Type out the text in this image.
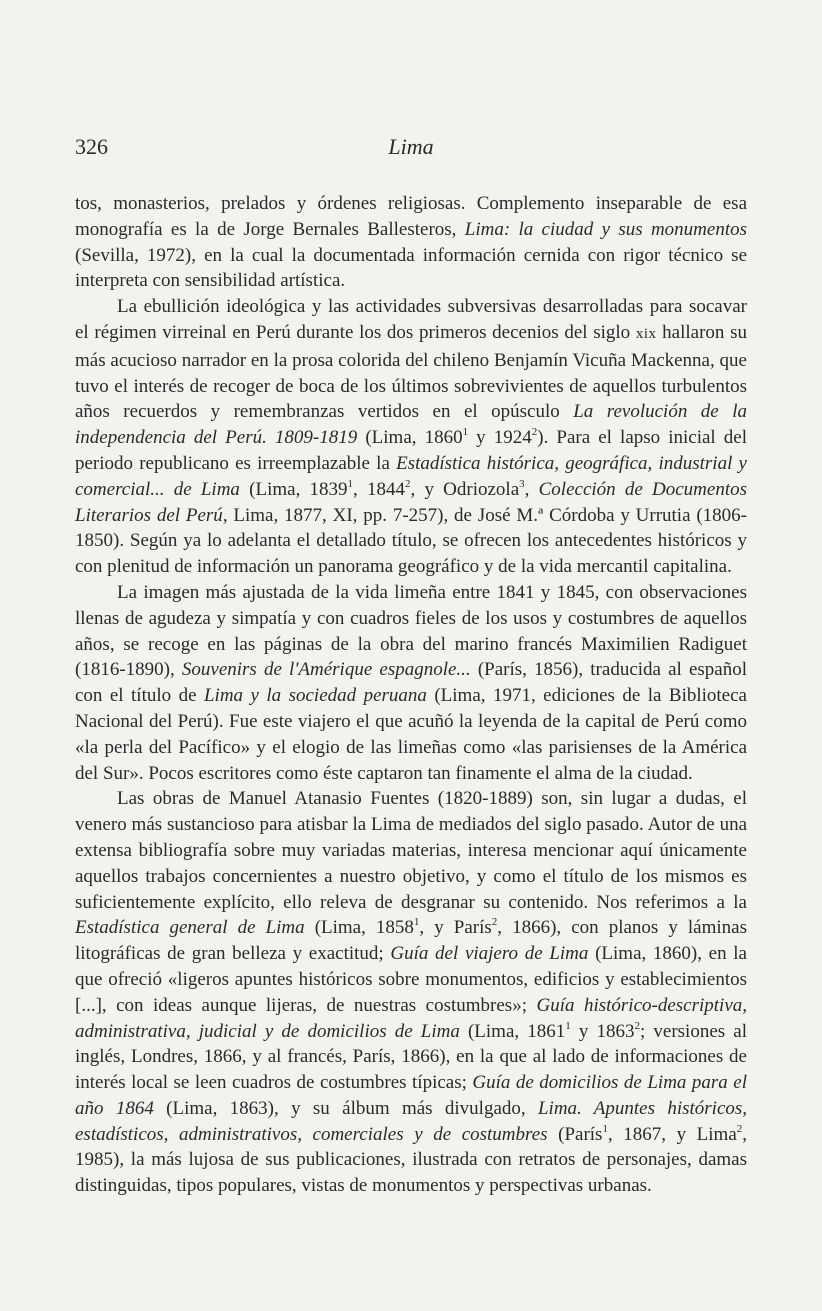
326	Lima

tos, monasterios, prelados y órdenes religiosas. Complemento inseparable de esa monografía es la de Jorge Bernales Ballesteros, Lima: la ciudad y sus monumentos (Sevilla, 1972), en la cual la documentada información cernida con rigor técnico se interpreta con sensibilidad artística.

La ebullición ideológica y las actividades subversivas desarrolladas para socavar el régimen virreinal en Perú durante los dos primeros decenios del siglo xix hallaron su más acucioso narrador en la prosa colorida del chileno Benjamín Vicuña Mackenna, que tuvo el interés de recoger de boca de los últimos sobrevivientes de aquellos turbulentos años recuerdos y remembranzas vertidos en el opúsculo La revolución de la independencia del Perú. 1809-1819 (Lima, 1860$^1$ y 1924$^2$). Para el lapso inicial del periodo republicano es irreemplazable la Estadística histórica, geográfica, industrial y comercial... de Lima (Lima, 1839$^1$, 1844$^2$, y Odriozola$^3$, Colección de Documentos Literarios del Perú, Lima, 1877, XI, pp. 7-257), de José M.ª Córdoba y Urrutia (1806-1850). Según ya lo adelanta el detallado título, se ofrecen los antecedentes históricos y con plenitud de información un panorama geográfico y de la vida mercantil capitalina.

La imagen más ajustada de la vida limeña entre 1841 y 1845, con observaciones llenas de agudeza y simpatía y con cuadros fieles de los usos y costumbres de aquellos años, se recoge en las páginas de la obra del marino francés Maximilien Radiguet (1816-1890), Souvenirs de l'Amérique espagnole... (París, 1856), traducida al español con el título de Lima y la sociedad peruana (Lima, 1971, ediciones de la Biblioteca Nacional del Perú). Fue este viajero el que acuñó la leyenda de la capital de Perú como «la perla del Pacífico» y el elogio de las limeñas como «las parisienses de la América del Sur». Pocos escritores como éste captaron tan finamente el alma de la ciudad.

Las obras de Manuel Atanasio Fuentes (1820-1889) son, sin lugar a dudas, el venero más sustancioso para atisbar la Lima de mediados del siglo pasado. Autor de una extensa bibliografía sobre muy variadas materias, interesa mencionar aquí únicamente aquellos trabajos concernientes a nuestro objetivo, y como el título de los mismos es suficientemente explícito, ello releva de desgranar su contenido. Nos referimos a la Estadística general de Lima (Lima, 1858$^1$, y París$^2$, 1866), con planos y láminas litográficas de gran belleza y exactitud; Guía del viajero de Lima (Lima, 1860), en la que ofreció «ligeros apuntes históricos sobre monumentos, edificios y establecimientos [...], con ideas aunque lijeras, de nuestras costumbres»; Guía histórico-descriptiva, administrativa, judicial y de domicilios de Lima (Lima, 1861$^1$ y 1863$^2$; versiones al inglés, Londres, 1866, y al francés, París, 1866), en la que al lado de informaciones de interés local se leen cuadros de costumbres típicas; Guía de domicilios de Lima para el año 1864 (Lima, 1863), y su álbum más divulgado, Lima. Apuntes históricos, estadísticos, administrativos, comerciales y de costumbres (París$^1$, 1867, y Lima$^2$, 1985), la más lujosa de sus publicaciones, ilustrada con retratos de personajes, damas distinguidas, tipos populares, vistas de monumentos y perspectivas urbanas.
